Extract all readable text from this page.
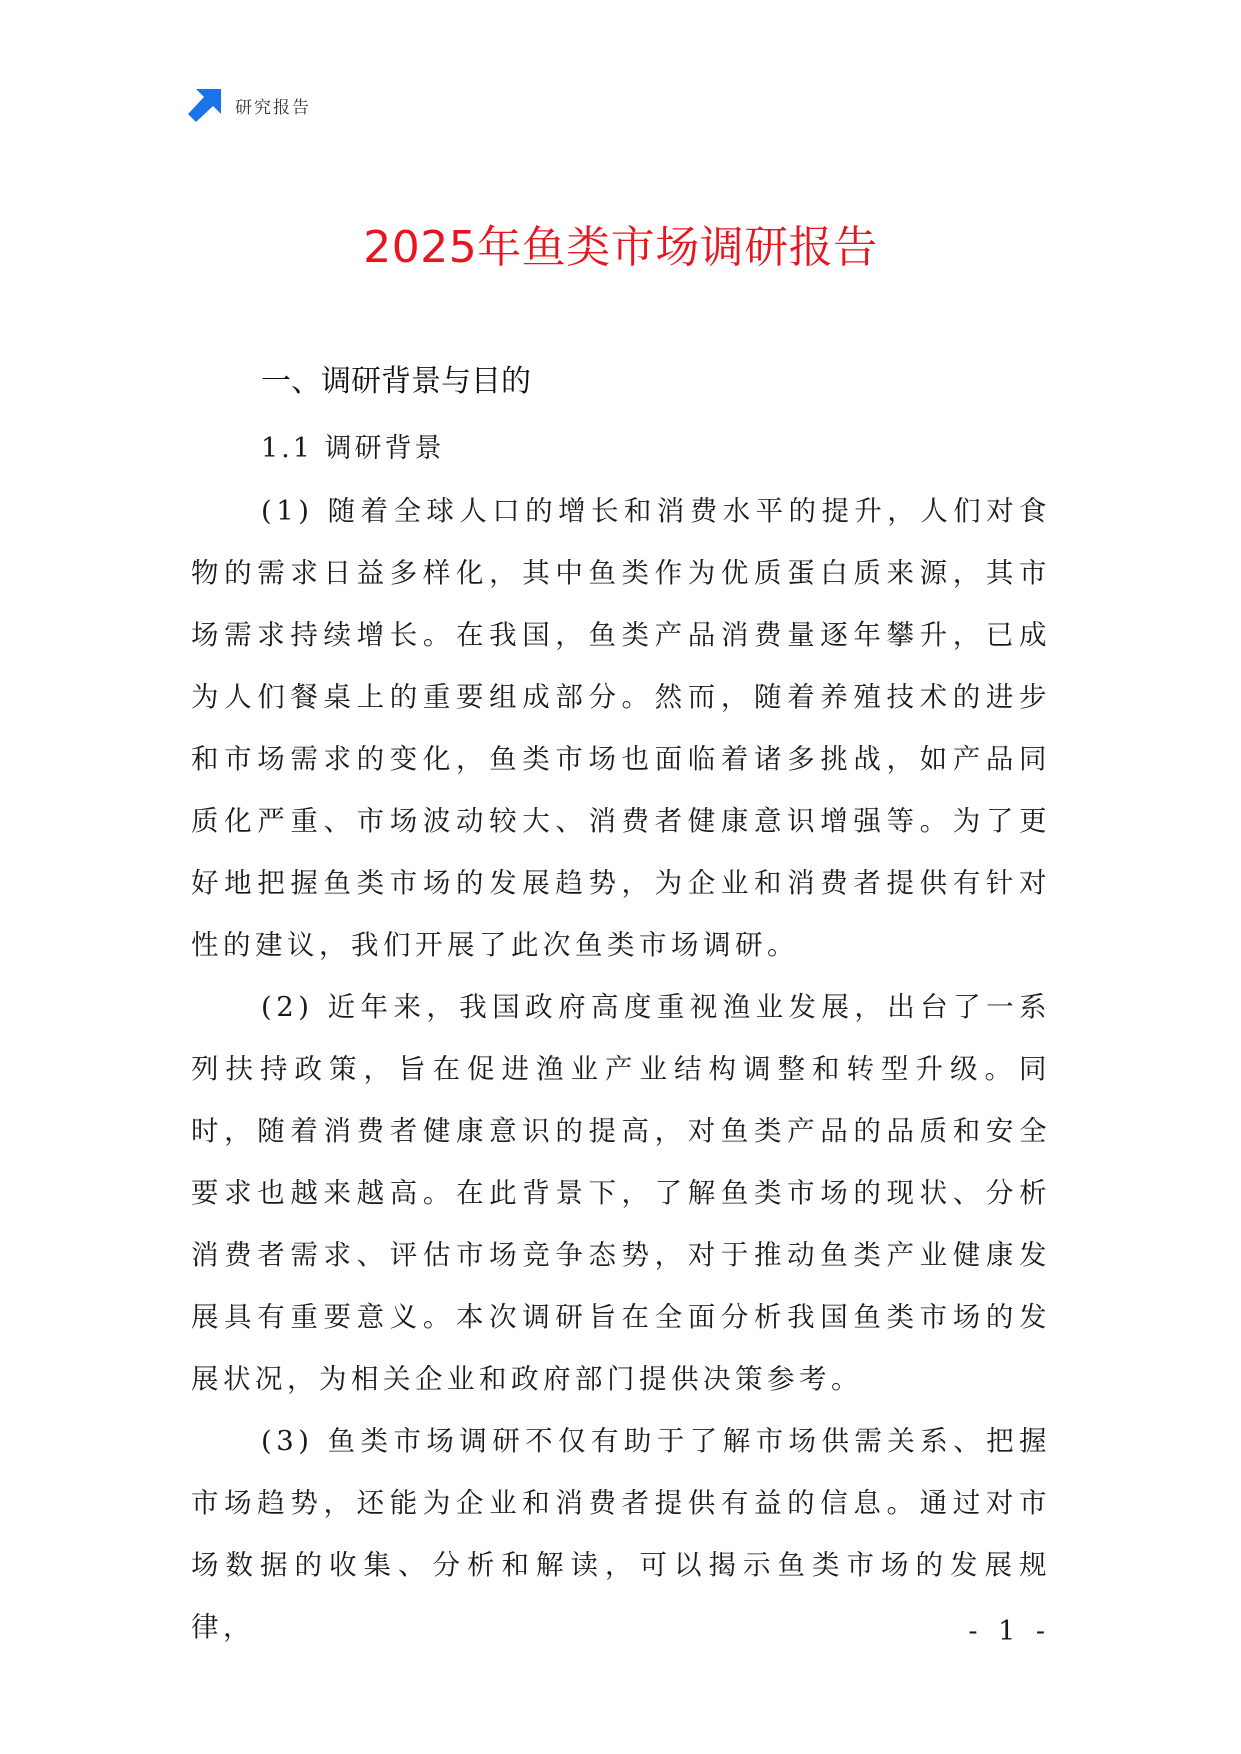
研究报告
2025年鱼类市场调研报告
一、调研背景与目的
1.1 调研背景

(1) 随着全球人口的增长和消费水平的提升，人们对食物的需求日益多样化，其中鱼类作为优质蛋白质来源，其市场需求持续增长。在我国，鱼类产品消费量逐年攀升，已成为人们餐桌上的重要组成部分。然而，随着养殖技术的进步和市场需求的变化，鱼类市场也面临着诸多挑战，如产品同质化严重、市场波动较大、消费者健康意识增强等。为了更好地把握鱼类市场的发展趋势，为企业和消费者提供有针对性的建议，我们开展了此次鱼类市场调研。

(2) 近年来，我国政府高度重视渔业发展，出台了一系列扶持政策，旨在促进渔业产业结构调整和转型升级。同时，随着消费者健康意识的提高，对鱼类产品的品质和安全要求也越来越高。在此背景下，了解鱼类市场的现状、分析消费者需求、评估市场竞争态势，对于推动鱼类产业健康发展具有重要意义。本次调研旨在全面分析我国鱼类市场的发展状况，为相关企业和政府部门提供决策参考。

(3) 鱼类市场调研不仅有助于了解市场供需关系、把握市场趋势，还能为企业和消费者提供有益的信息。通过对市场数据的收集、分析和解读，可以揭示鱼类市场的发展规律，	- 1 -
